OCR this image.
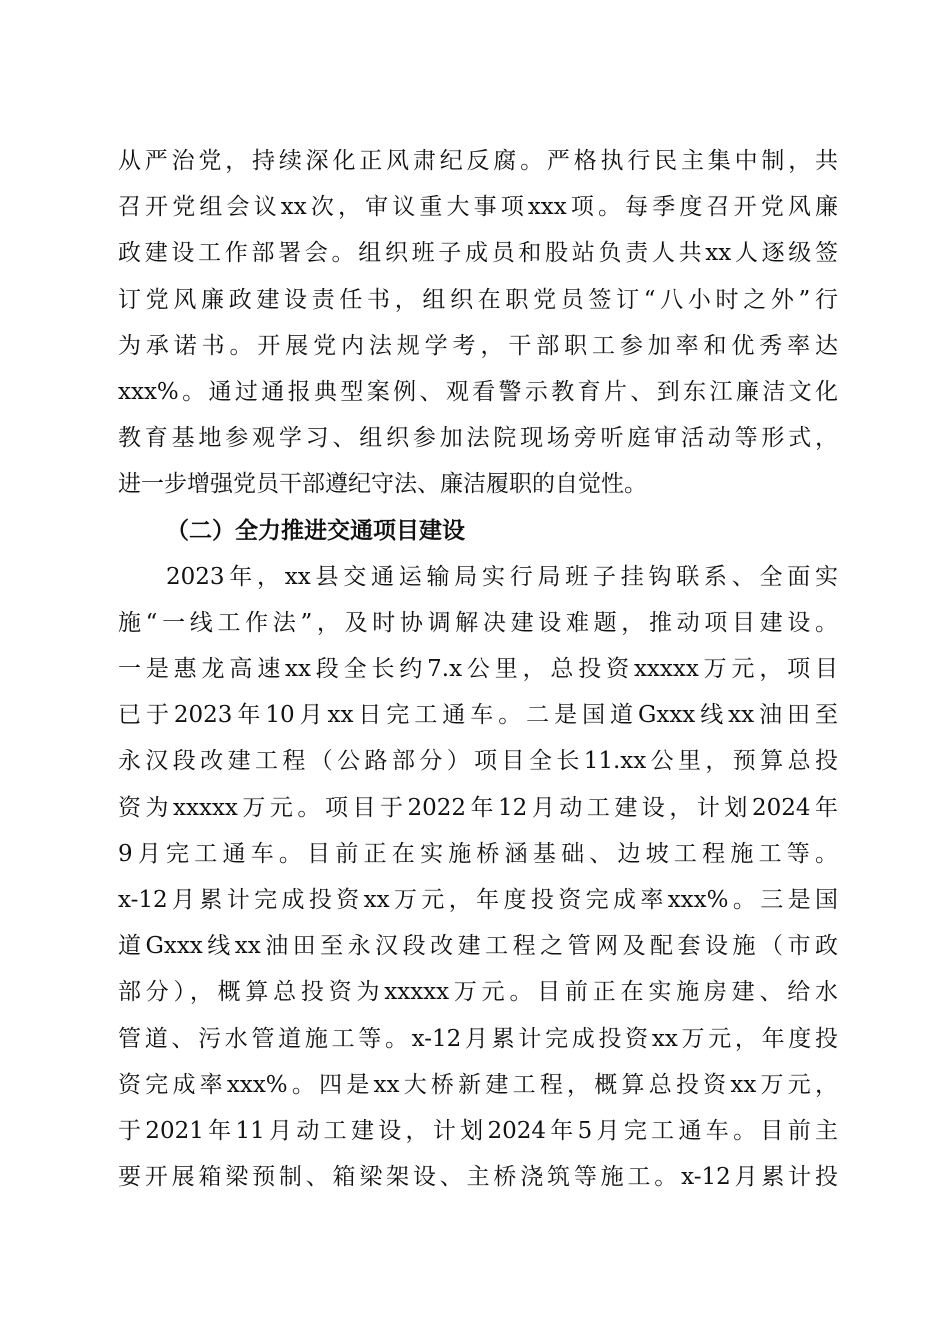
从严治党，持续深化正风肃纪反腐。严格执行民主集中制，共
召开党组会议xx次，审议重大事项xxx项。每季度召开党风廉
政建设工作部署会。组织班子成员和股站负责人共xx人逐级签
订党风廉政建设责任书，组织在职党员签订“八小时之外”行
为承诺书。开展党内法规学考，干部职工参加率和优秀率达
xxx%。通过通报典型案例、观看警示教育片、到东江廉洁文化
教育基地参观学习、组织参加法院现场旁听庭审活动等形式，
进一步增强党员干部遵纪守法、廉洁履职的自觉性。
（二）全力推进交通项目建设
2023年，xx县交通运输局实行局班子挂钩联系、全面实
施“一线工作法”，及时协调解决建设难题，推动项目建设。
一是惠龙高速xx段全长约7.x公里，总投资xxxxx万元，项目
已于2023年10月xx日完工通车。二是国道Gxxx线xx油田至
永汉段改建工程（公路部分）项目全长11.xx公里，预算总投
资为xxxxx万元。项目于2022年12月动工建设，计划2024年
9月完工通车。目前正在实施桥涵基础、边坡工程施工等。
x-12月累计完成投资xx万元，年度投资完成率xxx%。三是国
道Gxxx线xx油田至永汉段改建工程之管网及配套设施（市政
部分），概算总投资为xxxxx万元。目前正在实施房建、给水
管道、污水管道施工等。x-12月累计完成投资xx万元，年度投
资完成率xxx%。四是xx大桥新建工程，概算总投资xx万元，
于2021年11月动工建设，计划2024年5月完工通车。目前主
要开展箱梁预制、箱梁架设、主桥浇筑等施工。x-12月累计投
